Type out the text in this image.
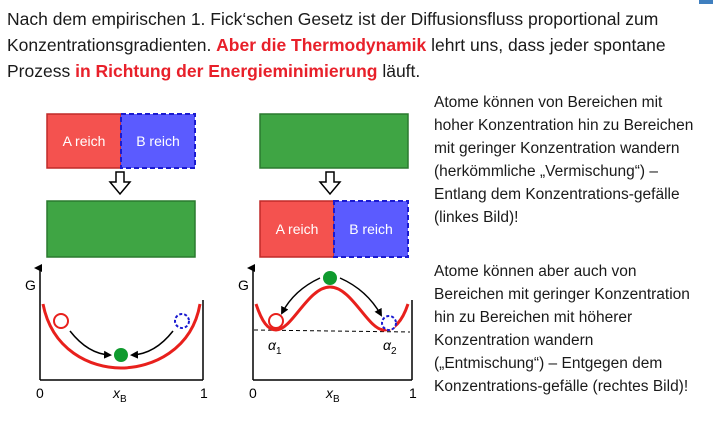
Nach dem empirischen 1. Fick‘schen Gesetz ist der Diffusionsfluss proportional zum Konzentrationsgradienten. Aber die Thermodynamik lehrt uns, dass jeder spontane Prozess in Richtung der Energieminimierung läuft.
A reich B reich
G
0	1
$x_B$
A reich B reich
G
0	1
$x_B$
$\alpha_1$	$\alpha_2$
Atome können von Bereichen mit hoher Konzentration hin zu Bereichen mit geringer Konzentration wandern (herkömmliche „Vermischung“) – Entlang dem Konzentrations-gefälle (linkes Bild)!
Atome können aber auch von Bereichen mit geringer Konzentration hin zu Bereichen mit höherer Konzentration wandern („Entmischung“) – Entgegen dem Konzentrations-gefälle (rechtes Bild)!
